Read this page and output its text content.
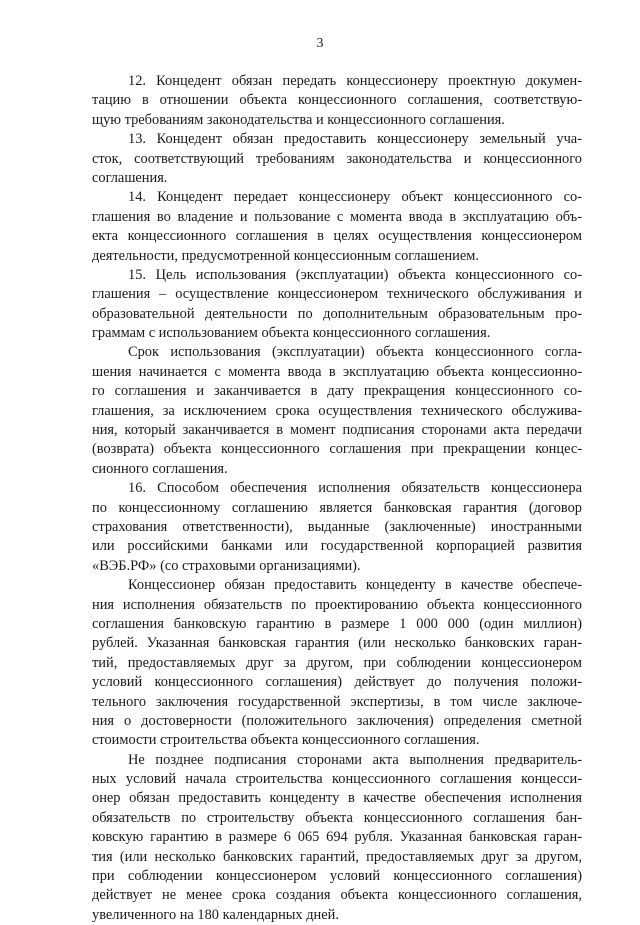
3
12. Концедент обязан передать концессионеру проектную докумен-
тацию в отношении объекта концессионного соглашения, соответствую-
щую требованиям законодательства и концессионного соглашения.
13. Концедент обязан предоставить концессионеру земельный уча-
сток, соответствующий требованиям законодательства и концессионного
соглашения.
14. Концедент передает концессионеру объект концессионного со-
глашения во владение и пользование с момента ввода в эксплуатацию объ-
екта концессионного соглашения в целях осуществления концессионером
деятельности, предусмотренной концессионным соглашением.
15. Цель использования (эксплуатации) объекта концессионного со-
глашения – осуществление концессионером технического обслуживания и
образовательной деятельности по дополнительным образовательным про-
граммам с использованием объекта концессионного соглашения.
Срок использования (эксплуатации) объекта концессионного согла-
шения начинается с момента ввода в эксплуатацию объекта концессионно-
го соглашения и заканчивается в дату прекращения концессионного со-
глашения, за исключением срока осуществления технического обслужива-
ния, который заканчивается в момент подписания сторонами акта передачи
(возврата) объекта концессионного соглашения при прекращении концес-
сионного соглашения.
16. Способом обеспечения исполнения обязательств концессионера
по концессионному соглашению является банковская гарантия (договор
страхования ответственности), выданные (заключенные) иностранными
или российскими банками или государственной корпорацией развития
«ВЭБ.РФ» (со страховыми организациями).
Концессионер обязан предоставить концеденту в качестве обеспече-
ния исполнения обязательств по проектированию объекта концессионного
соглашения банковскую гарантию в размере 1 000 000 (один миллион)
рублей. Указанная банковская гарантия (или несколько банковских гаран-
тий, предоставляемых друг за другом, при соблюдении концессионером
условий концессионного соглашения) действует до получения положи-
тельного заключения государственной экспертизы, в том числе заключе-
ния о достоверности (положительного заключения) определения сметной
стоимости строительства объекта концессионного соглашения.
Не позднее подписания сторонами акта выполнения предваритель-
ных условий начала строительства концессионного соглашения концесси-
онер обязан предоставить концеденту в качестве обеспечения исполнения
обязательств по строительству объекта концессионного соглашения бан-
ковскую гарантию в размере 6 065 694 рубля. Указанная банковская гаран-
тия (или несколько банковских гарантий, предоставляемых друг за другом,
при соблюдении концессионером условий концессионного соглашения)
действует не менее срока создания объекта концессионного соглашения,
увеличенного на 180 календарных дней.
